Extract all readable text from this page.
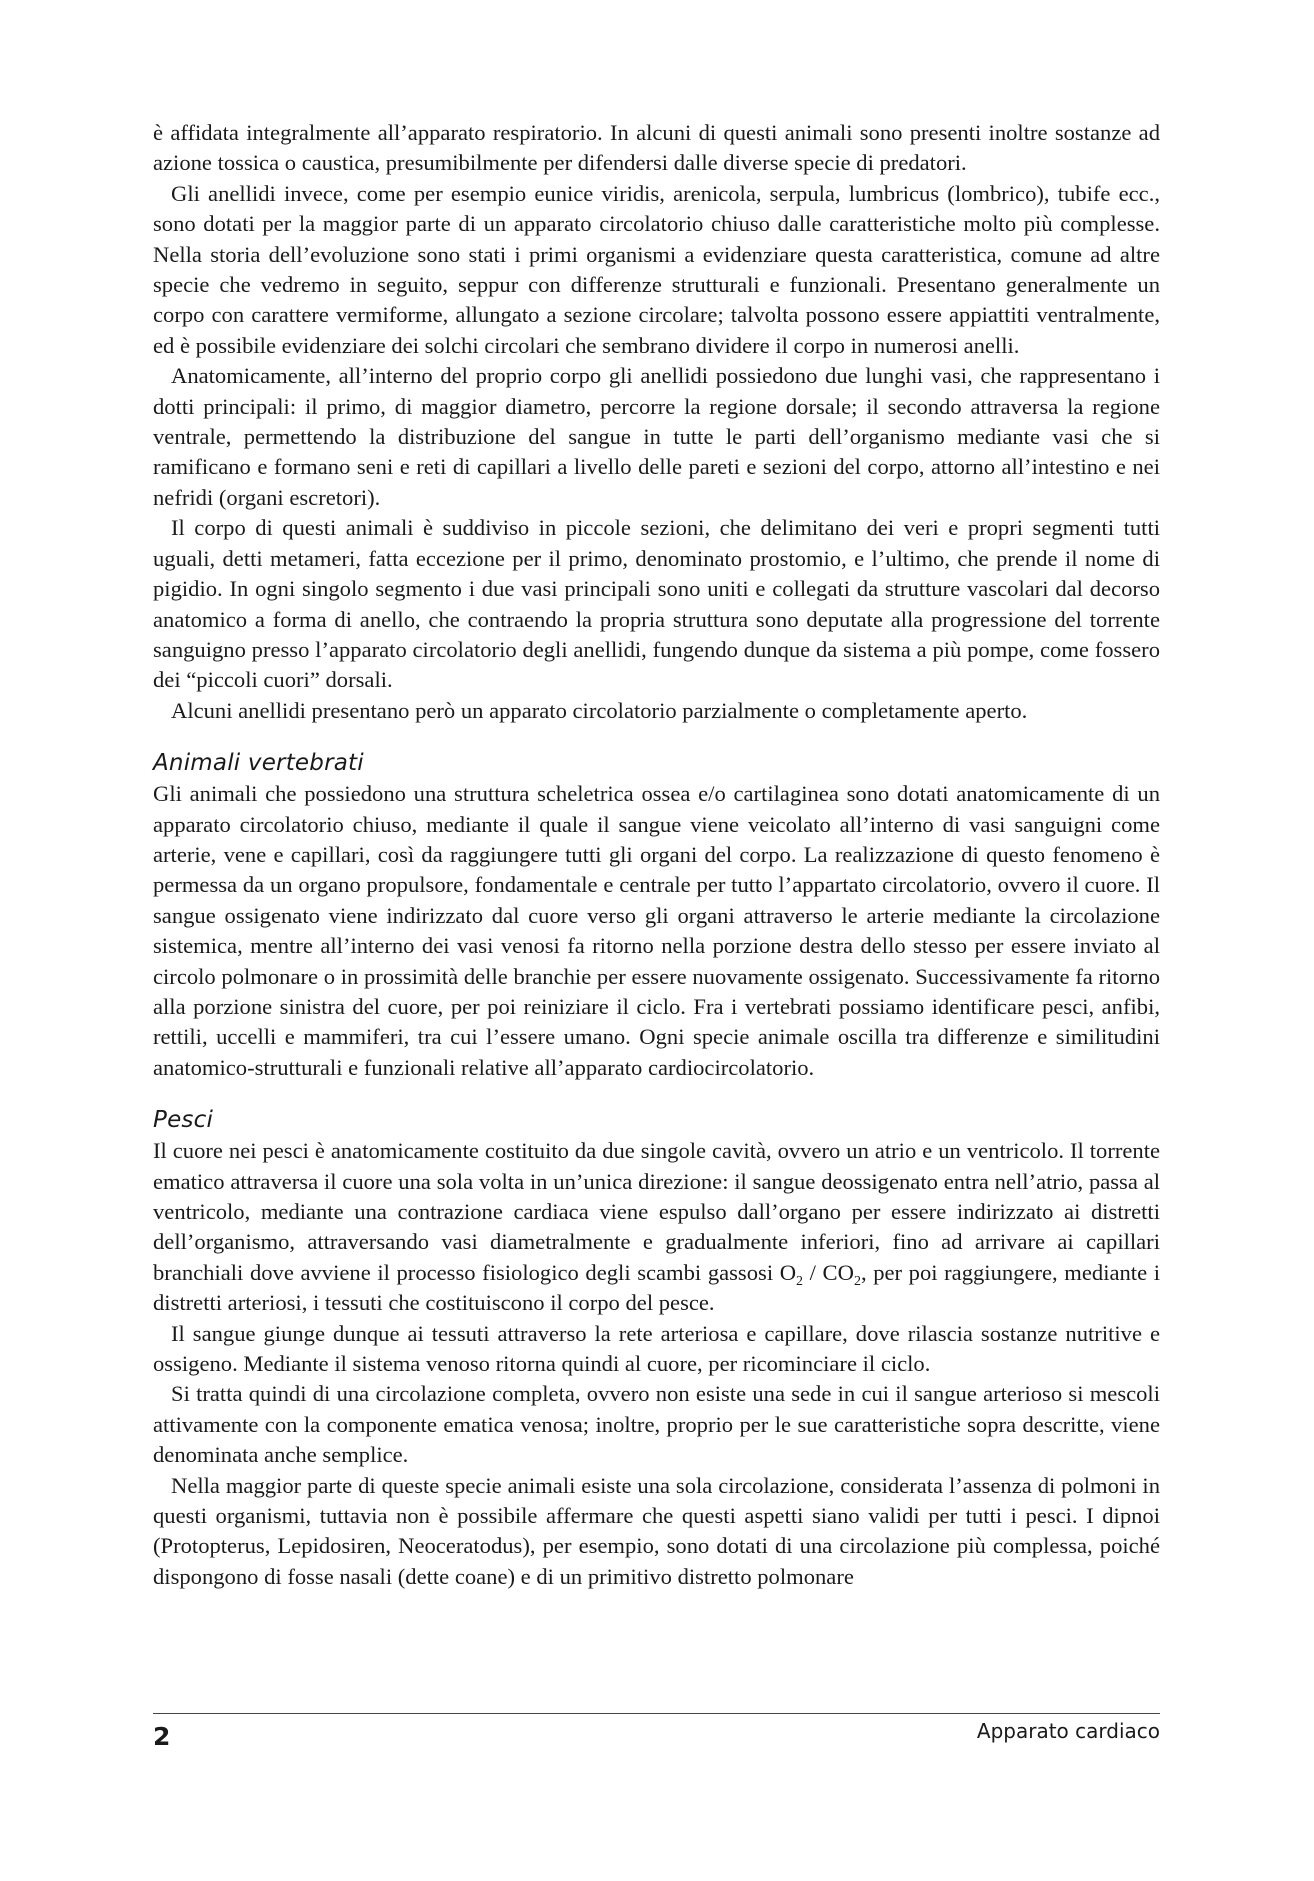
è affidata integralmente all’apparato respiratorio. In alcuni di questi animali sono presenti inoltre sostanze ad azione tossica o caustica, presumibilmente per difendersi dalle diverse specie di predatori.

Gli anellidi invece, come per esempio eunice viridis, arenicola, serpula, lumbricus (lombrico), tubife ecc., sono dotati per la maggior parte di un apparato circolatorio chiuso dalle caratteristiche molto più complesse. Nella storia dell’evoluzione sono stati i primi organismi a evidenziare questa caratteristica, comune ad altre specie che vedremo in seguito, seppur con differenze strutturali e funzionali. Presentano generalmente un corpo con carattere vermiforme, allungato a sezione circolare; talvolta possono essere appiattiti ventralmente, ed è possibile evidenziare dei solchi circolari che sembrano dividere il corpo in numerosi anelli.

Anatomicamente, all’interno del proprio corpo gli anellidi possiedono due lunghi vasi, che rappresentano i dotti principali: il primo, di maggior diametro, percorre la regione dorsale; il secondo attraversa la regione ventrale, permettendo la distribuzione del sangue in tutte le parti dell’organismo mediante vasi che si ramificano e formano seni e reti di capillari a livello delle pareti e sezioni del corpo, attorno all’intestino e nei nefridi (organi escretori).

Il corpo di questi animali è suddiviso in piccole sezioni, che delimitano dei veri e propri segmenti tutti uguali, detti metameri, fatta eccezione per il primo, denominato prostomio, e l’ultimo, che prende il nome di pigidio. In ogni singolo segmento i due vasi principali sono uniti e collegati da strutture vascolari dal decorso anatomico a forma di anello, che contraendo la propria struttura sono deputate alla progressione del torrente sanguigno presso l’apparato circolatorio degli anellidi, fungendo dunque da sistema a più pompe, come fossero dei “piccoli cuori” dorsali.

Alcuni anellidi presentano però un apparato circolatorio parzialmente o completamente aperto.

Animali vertebrati

Gli animali che possiedono una struttura scheletrica ossea e/o cartilaginea sono dotati anatomicamente di un apparato circolatorio chiuso, mediante il quale il sangue viene veicolato all’interno di vasi sanguigni come arterie, vene e capillari, così da raggiungere tutti gli organi del corpo. La realizzazione di questo fenomeno è permessa da un organo propulsore, fondamentale e centrale per tutto l’appartato circolatorio, ovvero il cuore. Il sangue ossigenato viene indirizzato dal cuore verso gli organi attraverso le arterie mediante la circolazione sistemica, mentre all’interno dei vasi venosi fa ritorno nella porzione destra dello stesso per essere inviato al circolo polmonare o in prossimità delle branchie per essere nuovamente ossigenato. Successivamente fa ritorno alla porzione sinistra del cuore, per poi reiniziare il ciclo. Fra i vertebrati possiamo identificare pesci, anfibi, rettili, uccelli e mammiferi, tra cui l’essere umano. Ogni specie animale oscilla tra differenze e similitudini anatomico-strutturali e funzionali relative all’apparato cardiocircolatorio.

Pesci

Il cuore nei pesci è anatomicamente costituito da due singole cavità, ovvero un atrio e un ventricolo. Il torrente ematico attraversa il cuore una sola volta in un’unica direzione: il sangue deossigenato entra nell’atrio, passa al ventricolo, mediante una contrazione cardiaca viene espulso dall’organo per essere indirizzato ai distretti dell’organismo, attraversando vasi diametralmente e gradualmente inferiori, fino ad arrivare ai capillari branchiali dove avviene il processo fisiologico degli scambi gassosi $O_2 / CO_2$, per poi raggiungere, mediante i distretti arteriosi, i tessuti che costituiscono il corpo del pesce.

Il sangue giunge dunque ai tessuti attraverso la rete arteriosa e capillare, dove rilascia sostanze nutritive e ossigeno. Mediante il sistema venoso ritorna quindi al cuore, per ricominciare il ciclo.

Si tratta quindi di una circolazione completa, ovvero non esiste una sede in cui il sangue arterioso si mescoli attivamente con la componente ematica venosa; inoltre, proprio per le sue caratteristiche sopra descritte, viene denominata anche semplice.

Nella maggior parte di queste specie animali esiste una sola circolazione, considerata l’assenza di polmoni in questi organismi, tuttavia non è possibile affermare che questi aspetti siano validi per tutti i pesci. I dipnoi (Protopterus, Lepidosiren, Neoceratodus), per esempio, sono dotati di una circolazione più complessa, poiché dispongono di fosse nasali (dette coane) e di un primitivo distretto polmonare

2	Apparato cardiaco
